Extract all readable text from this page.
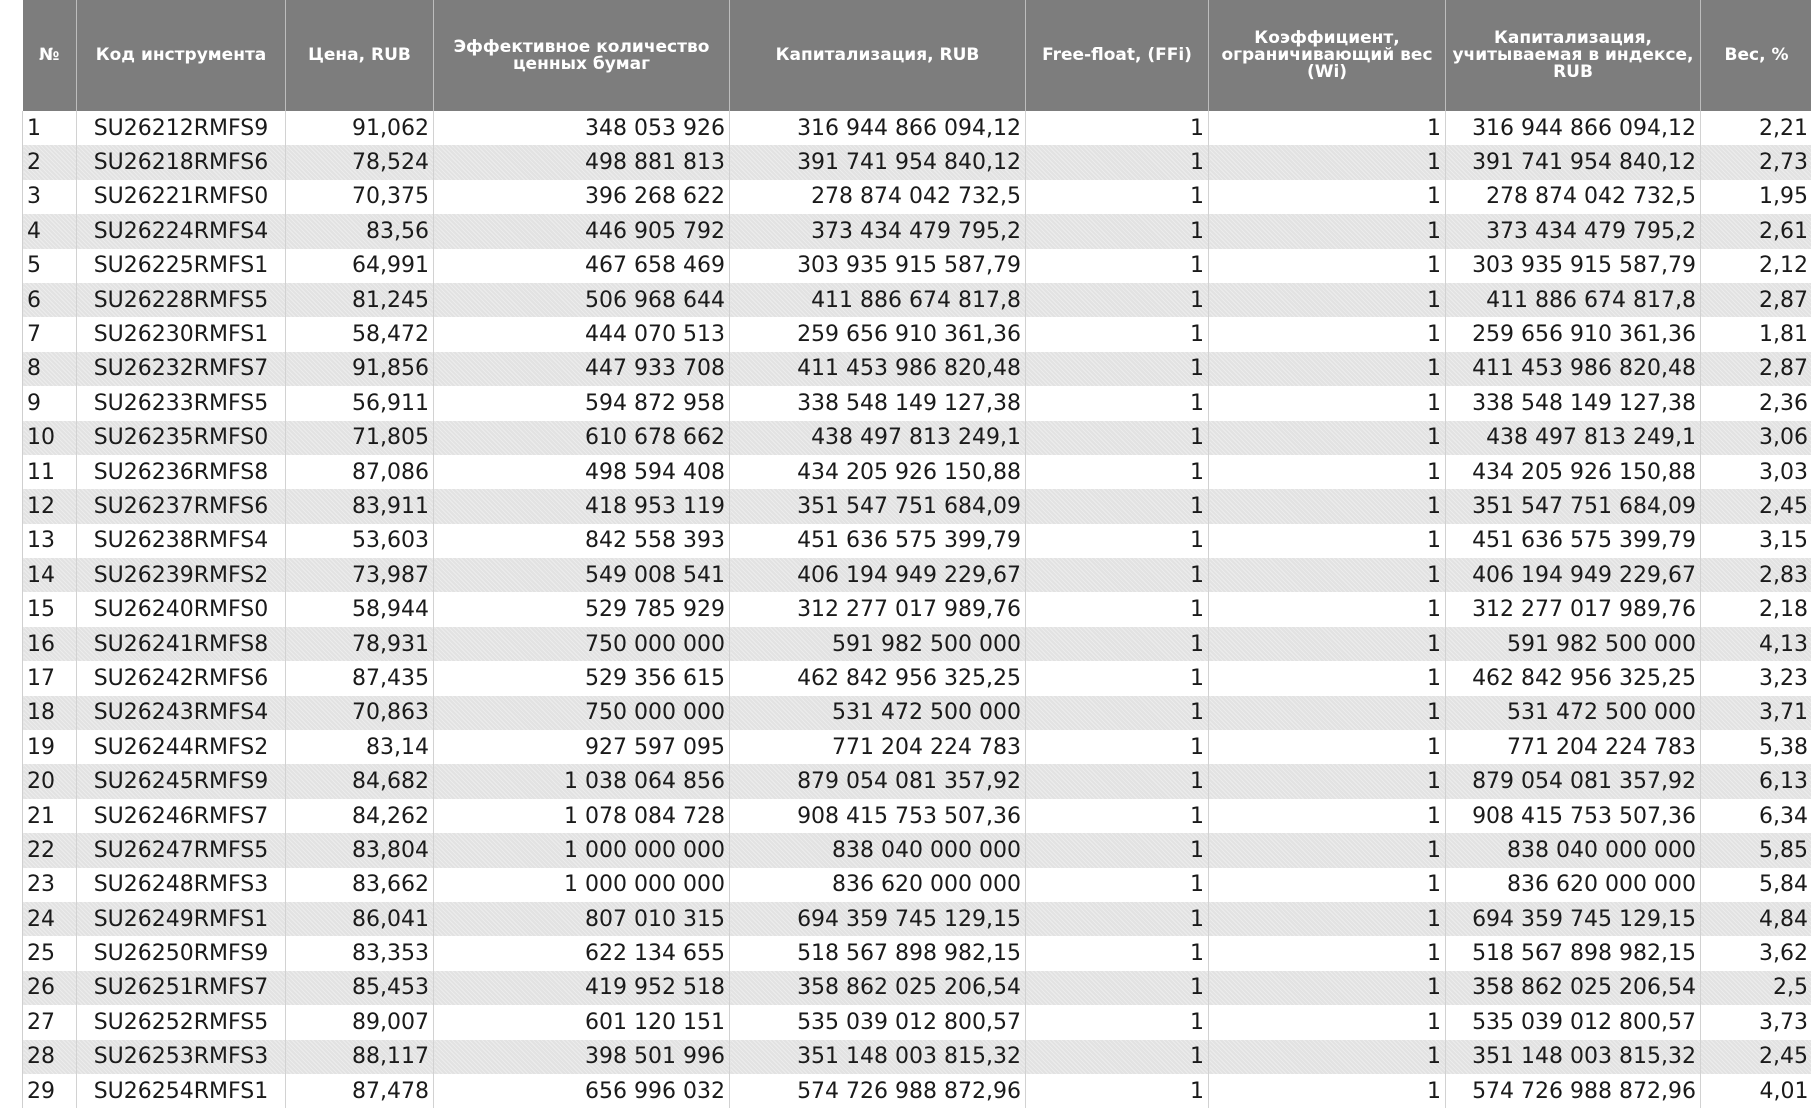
№	Код инструмента	Цена, RUB	Эффективное количество ценных бумаг	Капитализация, RUB	Free-float, (FFi)	Коэффициент, ограничивающий вес (Wi)	Капитализация, учитываемая в индексе, RUB	Вес, %
1	SU26212RMFS9	91,062	348 053 926	316 944 866 094,12	1	1	316 944 866 094,12	2,21
2	SU26218RMFS6	78,524	498 881 813	391 741 954 840,12	1	1	391 741 954 840,12	2,73
3	SU26221RMFS0	70,375	396 268 622	278 874 042 732,5	1	1	278 874 042 732,5	1,95
4	SU26224RMFS4	83,56	446 905 792	373 434 479 795,2	1	1	373 434 479 795,2	2,61
5	SU26225RMFS1	64,991	467 658 469	303 935 915 587,79	1	1	303 935 915 587,79	2,12
6	SU26228RMFS5	81,245	506 968 644	411 886 674 817,8	1	1	411 886 674 817,8	2,87
7	SU26230RMFS1	58,472	444 070 513	259 656 910 361,36	1	1	259 656 910 361,36	1,81
8	SU26232RMFS7	91,856	447 933 708	411 453 986 820,48	1	1	411 453 986 820,48	2,87
9	SU26233RMFS5	56,911	594 872 958	338 548 149 127,38	1	1	338 548 149 127,38	2,36
10	SU26235RMFS0	71,805	610 678 662	438 497 813 249,1	1	1	438 497 813 249,1	3,06
11	SU26236RMFS8	87,086	498 594 408	434 205 926 150,88	1	1	434 205 926 150,88	3,03
12	SU26237RMFS6	83,911	418 953 119	351 547 751 684,09	1	1	351 547 751 684,09	2,45
13	SU26238RMFS4	53,603	842 558 393	451 636 575 399,79	1	1	451 636 575 399,79	3,15
14	SU26239RMFS2	73,987	549 008 541	406 194 949 229,67	1	1	406 194 949 229,67	2,83
15	SU26240RMFS0	58,944	529 785 929	312 277 017 989,76	1	1	312 277 017 989,76	2,18
16	SU26241RMFS8	78,931	750 000 000	591 982 500 000	1	1	591 982 500 000	4,13
17	SU26242RMFS6	87,435	529 356 615	462 842 956 325,25	1	1	462 842 956 325,25	3,23
18	SU26243RMFS4	70,863	750 000 000	531 472 500 000	1	1	531 472 500 000	3,71
19	SU26244RMFS2	83,14	927 597 095	771 204 224 783	1	1	771 204 224 783	5,38
20	SU26245RMFS9	84,682	1 038 064 856	879 054 081 357,92	1	1	879 054 081 357,92	6,13
21	SU26246RMFS7	84,262	1 078 084 728	908 415 753 507,36	1	1	908 415 753 507,36	6,34
22	SU26247RMFS5	83,804	1 000 000 000	838 040 000 000	1	1	838 040 000 000	5,85
23	SU26248RMFS3	83,662	1 000 000 000	836 620 000 000	1	1	836 620 000 000	5,84
24	SU26249RMFS1	86,041	807 010 315	694 359 745 129,15	1	1	694 359 745 129,15	4,84
25	SU26250RMFS9	83,353	622 134 655	518 567 898 982,15	1	1	518 567 898 982,15	3,62
26	SU26251RMFS7	85,453	419 952 518	358 862 025 206,54	1	1	358 862 025 206,54	2,5
27	SU26252RMFS5	89,007	601 120 151	535 039 012 800,57	1	1	535 039 012 800,57	3,73
28	SU26253RMFS3	88,117	398 501 996	351 148 003 815,32	1	1	351 148 003 815,32	2,45
29	SU26254RMFS1	87,478	656 996 032	574 726 988 872,96	1	1	574 726 988 872,96	4,01
